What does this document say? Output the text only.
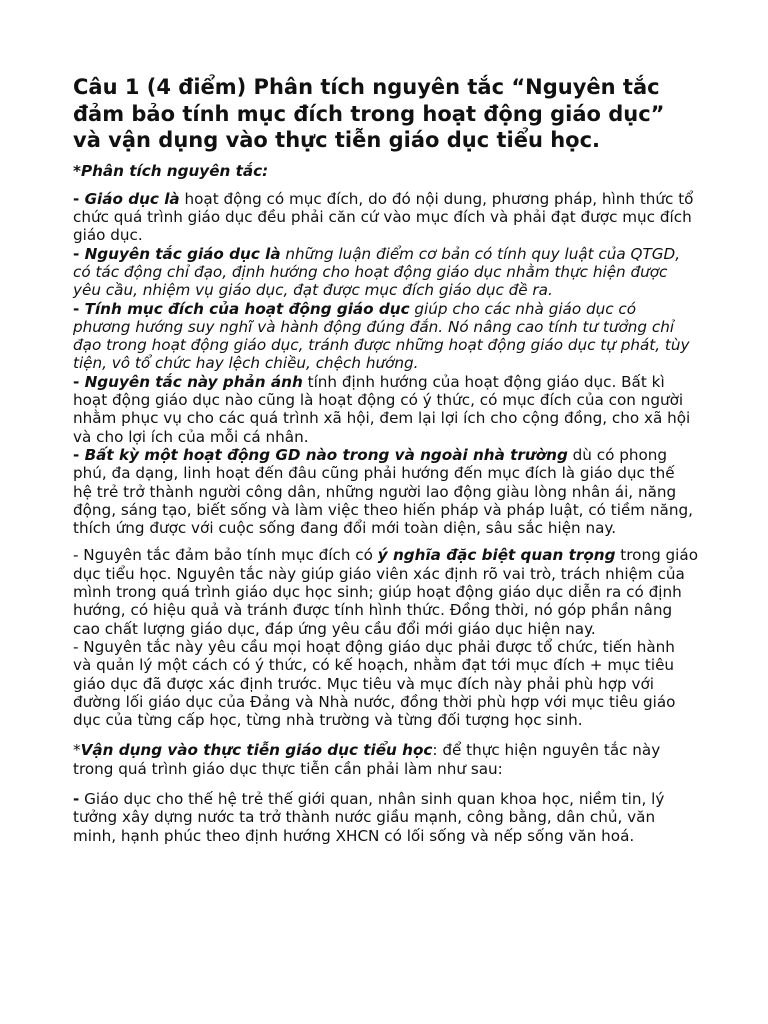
Câu 1 (4 điểm) Phân tích nguyên tắc “Nguyên tắc đảm bảo tính mục đích trong hoạt động giáo dục” và vận dụng vào thực tiễn giáo dục tiểu học.

*Phân tích nguyên tắc:

- Giáo dục là hoạt động có mục đích, do đó nội dung, phương pháp, hình thức tổ chức quá trình giáo dục đều phải căn cứ vào mục đích và phải đạt được mục đích giáo dục.

- Nguyên tắc giáo dục là những luận điểm cơ bản có tính quy luật của QTGD, có tác động chỉ đạo, định hướng cho hoạt động giáo dục nhằm thực hiện được yêu cầu, nhiệm vụ giáo dục, đạt được mục đích giáo dục đề ra.

- Tính mục đích của hoạt động giáo dục giúp cho các nhà giáo dục có phương hướng suy nghĩ và hành động đúng đắn. Nó nâng cao tính tư tưởng chỉ đạo trong hoạt động giáo dục, tránh được những hoạt động giáo dục tự phát, tùy tiện, vô tổ chức hay lệch chiều, chệch hướng.

- Nguyên tắc này phản ánh tính định hướng của hoạt động giáo dục. Bất kì hoạt động giáo dục nào cũng là hoạt động có ý thức, có mục đích của con người nhằm phục vụ cho các quá trình xã hội, đem lại lợi ích cho cộng đồng, cho xã hội và cho lợi ích của mỗi cá nhân.

- Bất kỳ một hoạt động GD nào trong và ngoài nhà trường dù có phong phú, đa dạng, linh hoạt đến đâu cũng phải hướng đến mục đích là giáo dục thế hệ trẻ trở thành người công dân, những người lao động giàu lòng nhân ái, năng động, sáng tạo, biết sống và làm việc theo hiến pháp và pháp luật, có tiềm năng, thích ứng được với cuộc sống đang đổi mới toàn diện, sâu sắc hiện nay.

- Nguyên tắc đảm bảo tính mục đích có ý nghĩa đặc biệt quan trọng trong giáo dục tiểu học. Nguyên tắc này giúp giáo viên xác định rõ vai trò, trách nhiệm của mình trong quá trình giáo dục học sinh; giúp hoạt động giáo dục diễn ra có định hướng, có hiệu quả và tránh được tính hình thức. Đồng thời, nó góp phần nâng cao chất lượng giáo dục, đáp ứng yêu cầu đổi mới giáo dục hiện nay.

- Nguyên tắc này yêu cầu mọi hoạt động giáo dục phải được tổ chức, tiến hành và quản lý một cách có ý thức, có kế hoạch, nhằm đạt tới mục đích + mục tiêu giáo dục đã được xác định trước. Mục tiêu và mục đích này phải phù hợp với đường lối giáo dục của Đảng và Nhà nước, đồng thời phù hợp với mục tiêu giáo dục của từng cấp học, từng nhà trường và từng đối tượng học sinh.

*Vận dụng vào thực tiễn giáo dục tiểu học: để thực hiện nguyên tắc này trong quá trình giáo dục thực tiễn cần phải làm như sau:

- Giáo dục cho thế hệ trẻ thế giới quan, nhân sinh quan khoa học, niềm tin, lý tưởng xây dựng nước ta trở thành nước giầu mạnh, công bằng, dân chủ, văn minh, hạnh phúc theo định hướng XHCN có lối sống và nếp sống văn hoá.
